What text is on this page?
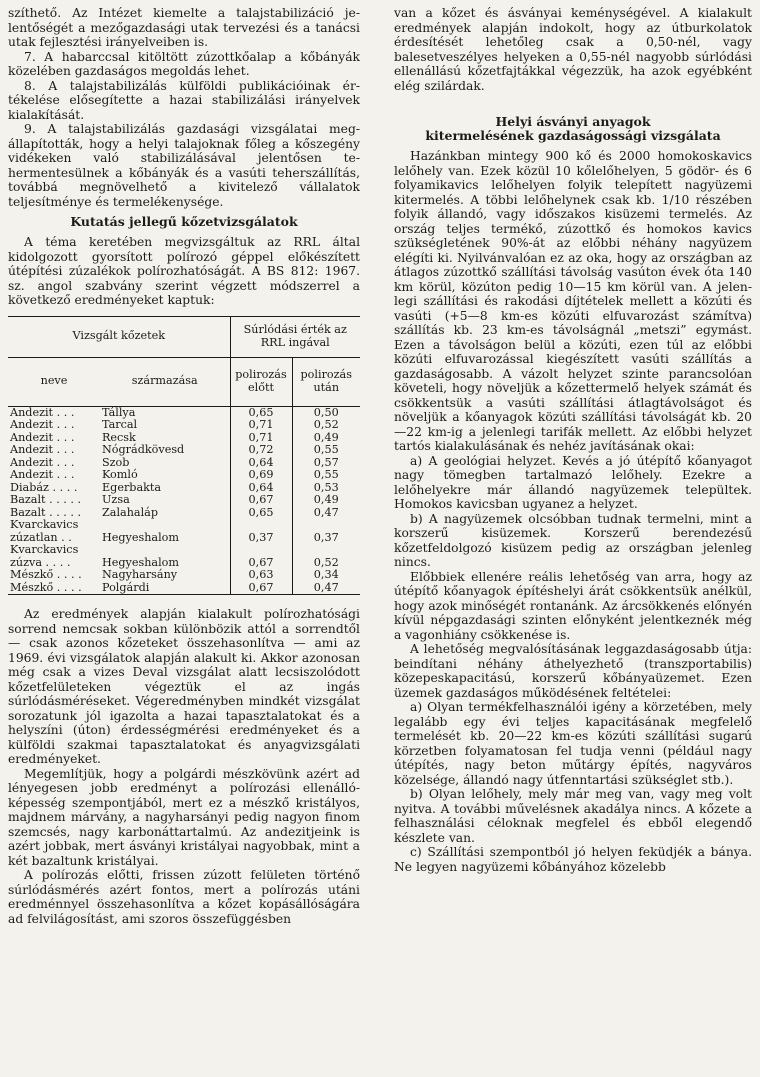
szíthető. Az Intézet kiemelte a talajstabilizáció jelentőségét a mezőgazdasági utak tervezési és a tanácsi utak fejlesztési irányelveiben is.

7. A habarccsal kitöltött zúzottkőalap a kőbányák közelében gazdaságos megoldás lehet.

8. A talajstabilizálás külföldi publikációinak értékelése elősegítette a hazai stabilizálási irányelvek kialakítását.

9. A talajstabilizálás gazdasági vizsgálatai megállapították, hogy a helyi talajoknak főleg a kőszegény vidékeken való stabilizálásával jelentősen tehermentesülnek a kőbányák és a vasúti teherszállítás, továbbá megnövelhető a kivitelező vállalatok teljesítménye és termelékenysége.

Kutatás jellegű kőzetvizsgálatok

A téma keretében megvizsgáltuk az RRL által kidolgozott gyorsított polírozó géppel előkészített útépítési zúzalékok polírozhatóságát. A BS 812: 1967. sz. angol szabvány szerint végzett módszerrel a következő eredményeket kaptuk:

Vizsgált kőzetek		Súrlódási érték az RRL ingával	
neve	származása	polirozás előtt	polirozás után
Andezit . . .	Tállya	0,65	0,50
Andezit . . .	Tarcal	0,71	0,52
Andezit . . .	Recsk	0,71	0,49
Andezit . . .	Nógrádkövesd	0,72	0,55
Andezit . . .	Szob	0,64	0,57
Andezit . . .	Komló	0,69	0,55
Diabáz . . . .	Egerbakta	0,64	0,53
Bazalt . . . . .	Uzsa	0,67	0,49
Bazalt . . . . .	Zalahaláp	0,65	0,47
Kvarckavics zúzatlan . .	Hegyeshalom	0,37	0,37
Kvarckavics zúzva . . . .	Hegyeshalom	0,67	0,52
Mészkő . . . .	Nagyharsány	0,63	0,34
Mészkő . . . .	Polgárdi	0,67	0,47

Az eredmények alapján kialakult polírozhatósági sorrend nemcsak sokban különbözik attól a sorrendtől — csak azonos kőzeteket összehasonlítva — ami az 1969. évi vizsgálatok alapján alakult ki. Akkor azonosan még csak a vizes Deval vizsgálat alatt lecsiszolódott kőzetfelületeken végeztük el az ingás súrlódásméréseket. Végeredményben mindkét vizsgálat sorozatunk jól igazolta a hazai tapasztalatokat és a helyszíni (úton) érdességmérési eredményeket és a külföldi szakmai tapasztalatokat és anyagvizsgálati eredményeket.

Megemlítjük, hogy a polgárdi mészkövünk azért ad lényegesen jobb eredményt a polírozási ellenállóképesség szempontjából, mert ez a mészkő kristályos, majdnem márvány, a nagyharsányi pedig nagyon finom szemcsés, nagy karbonáttartalmú. Az andezitjeink is azért jobbak, mert ásványi kristályai nagyobbak, mint a két bazaltunk kristályai.

A polírozás előtti, frissen zúzott felületen történő súrlódásmérés azért fontos, mert a polírozás utáni eredménnyel összehasonlítva a kőzet kopásállóságára ad felvilágosítást, ami szoros összefüggésben

van a kőzet és ásványai keménységével. A kialakult eredmények alapján indokolt, hogy az útburkolatok érdesítését lehetőleg csak a 0,50-nél, vagy balesetveszélyes helyeken a 0,55-nél nagyobb súrlódási ellenállású kőzetfajtákkal végezzük, ha azok egyébként elég szilárdak.

Helyi ásványi anyagok
kitermelésének gazdaságossági vizsgálata

Hazánkban mintegy 900 kő és 2000 homokoskavics lelőhely van. Ezek közül 10 kőlelőhelyen, 5 gödör- és 6 folyamikavics lelőhelyen folyik telepített nagyüzemi kitermelés. A többi lelőhelynek csak kb. 1/10 részében folyik állandó, vagy időszakos kisüzemi termelés. Az ország teljes termékő, zúzottkő és homokos kavics szükségletének 90%-át az előbbi néhány nagyüzem elégíti ki. Nyilvánvalóan ez az oka, hogy az országban az átlagos zúzottkő szállítási távolság vasúton évek óta 140 km körül, közúton pedig 10—15 km körül van. A jelenlegi szállítási és rakodási díjtételek mellett a közúti és vasúti (+5—8 km-es közúti elfuvarozást számítva) szállítás kb. 23 km-es távolságnál „metszi” egymást. Ezen a távolságon belül a közúti, ezen túl az előbbi közúti elfuvarozással kiegészített vasúti szállítás a gazdaságosabb. A vázolt helyzet szinte parancsolóan követeli, hogy növeljük a kőzettermelő helyek számát és csökkentsük a vasúti szállítási átlagtávolságot és növeljük a kőanyagok közúti szállítási távolságát kb. 20—22 km-ig a jelenlegi tarifák mellett. Az előbbi helyzet tartós kialakulásának és nehéz javításának okai:

a) A geológiai helyzet. Kevés a jó útépítő kőanyagot nagy tömegben tartalmazó lelőhely. Ezekre a lelőhelyekre már állandó nagyüzemek települtek. Homokos kavicsban ugyanez a helyzet.

b) A nagyüzemek olcsóbban tudnak termelni, mint a korszerű kisüzemek. Korszerű berendezésű kőzetfeldolgozó kisüzem pedig az országban jelenleg nincs.

Előbbiek ellenére reális lehetőség van arra, hogy az útépítő kőanyagok építéshelyi árát csökkentsük anélkül, hogy azok minőségét rontanánk. Az árcsökkenés előnyén kívül népgazdasági szinten előnyként jelentkeznék még a vagonhiány csökkenése is.

A lehetőség megvalósításának leggazdaságosabb útja: beindítani néhány áthelyezhető (transzportabilis) közepeskapacitású, korszerű kőbányaüzemet. Ezen üzemek gazdaságos működésének feltételei:

a) Olyan termékfelhasználói igény a körzetében, mely legalább egy évi teljes kapacitásának megfelelő termelését kb. 20—22 km-es közúti szállítási sugarú körzetben folyamatosan fel tudja venni (például nagy útépítés, nagy beton műtárgy építés, nagyváros közelsége, állandó nagy útfenntartási szükséglet stb.).

b) Olyan lelőhely, mely már meg van, vagy meg volt nyitva. A további művelésnek akadálya nincs. A kőzete a felhasználási céloknak megfelel és ebből elegendő készlete van.

c) Szállítási szempontból jó helyen feküdjék a bánya. Ne legyen nagyüzemi kőbányához közelebb
